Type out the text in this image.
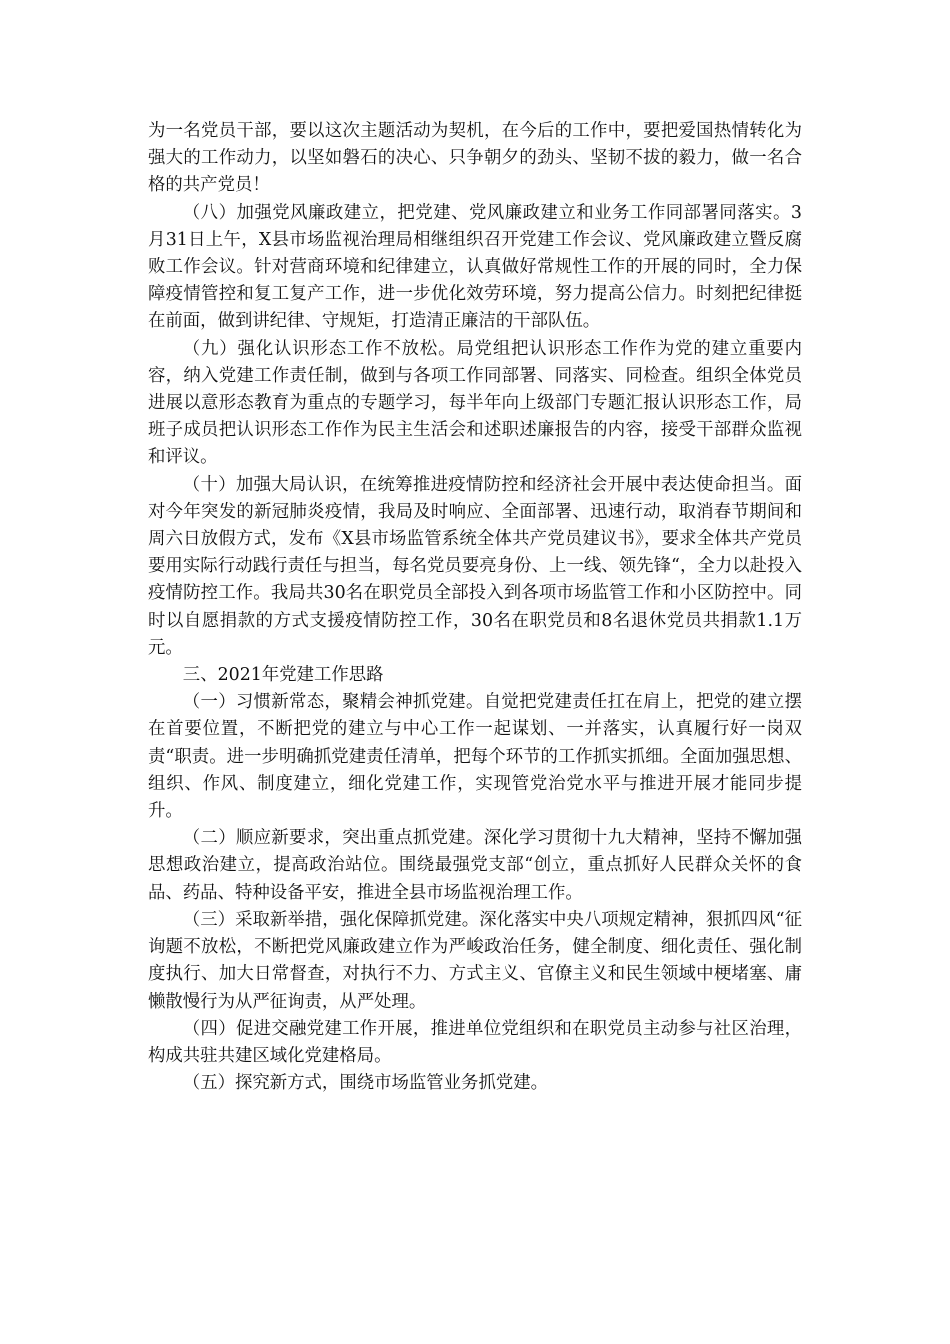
为一名党员干部，要以这次主题活动为契机，在今后的工作中，要把爱国热情转化为强大的工作动力，以坚如磐石的决心、只争朝夕的劲头、坚韧不拔的毅力，做一名合格的共产党员！

（八）加强党风廉政建立，把党建、党风廉政建立和业务工作同部署同落实。3月31日上午，X县市场监视治理局相继组织召开党建工作会议、党风廉政建立暨反腐败工作会议。针对营商环境和纪律建立，认真做好常规性工作的开展的同时，全力保障疫情管控和复工复产工作，进一步优化效劳环境，努力提高公信力。时刻把纪律挺在前面，做到讲纪律、守规矩，打造清正廉洁的干部队伍。

（九）强化认识形态工作不放松。局党组把认识形态工作作为党的建立重要内容，纳入党建工作责任制，做到与各项工作同部署、同落实、同检查。组织全体党员进展以意形态教育为重点的专题学习，每半年向上级部门专题汇报认识形态工作，局班子成员把认识形态工作作为民主生活会和述职述廉报告的内容，接受干部群众监视和评议。

（十）加强大局认识，在统筹推进疫情防控和经济社会开展中表达使命担当。面对今年突发的新冠肺炎疫情，我局及时响应、全面部署、迅速行动，取消春节期间和周六日放假方式，发布《X县市场监管系统全体共产党员建议书》，要求全体共产党员要用实际行动践行责任与担当，每名党员要亮身份、上一线、领先锋“，全力以赴投入疫情防控工作。我局共30名在职党员全部投入到各项市场监管工作和小区防控中。同时以自愿捐款的方式支援疫情防控工作，30名在职党员和8名退休党员共捐款1.1万元。

三、2021年党建工作思路

（一）习惯新常态，聚精会神抓党建。自觉把党建责任扛在肩上，把党的建立摆在首要位置，不断把党的建立与中心工作一起谋划、一并落实，认真履行好一岗双责“职责。进一步明确抓党建责任清单，把每个环节的工作抓实抓细。全面加强思想、组织、作风、制度建立，细化党建工作，实现管党治党水平与推进开展才能同步提升。

（二）顺应新要求，突出重点抓党建。深化学习贯彻十九大精神，坚持不懈加强思想政治建立，提高政治站位。围绕最强党支部“创立，重点抓好人民群众关怀的食品、药品、特种设备平安，推进全县市场监视治理工作。

（三）采取新举措，强化保障抓党建。深化落实中央八项规定精神，狠抓四风“征询题不放松，不断把党风廉政建立作为严峻政治任务，健全制度、细化责任、强化制度执行、加大日常督查，对执行不力、方式主义、官僚主义和民生领域中梗堵塞、庸懒散慢行为从严征询责，从严处理。

（四）促进交融党建工作开展，推进单位党组织和在职党员主动参与社区治理，构成共驻共建区域化党建格局。

（五）探究新方式，围绕市场监管业务抓党建。
